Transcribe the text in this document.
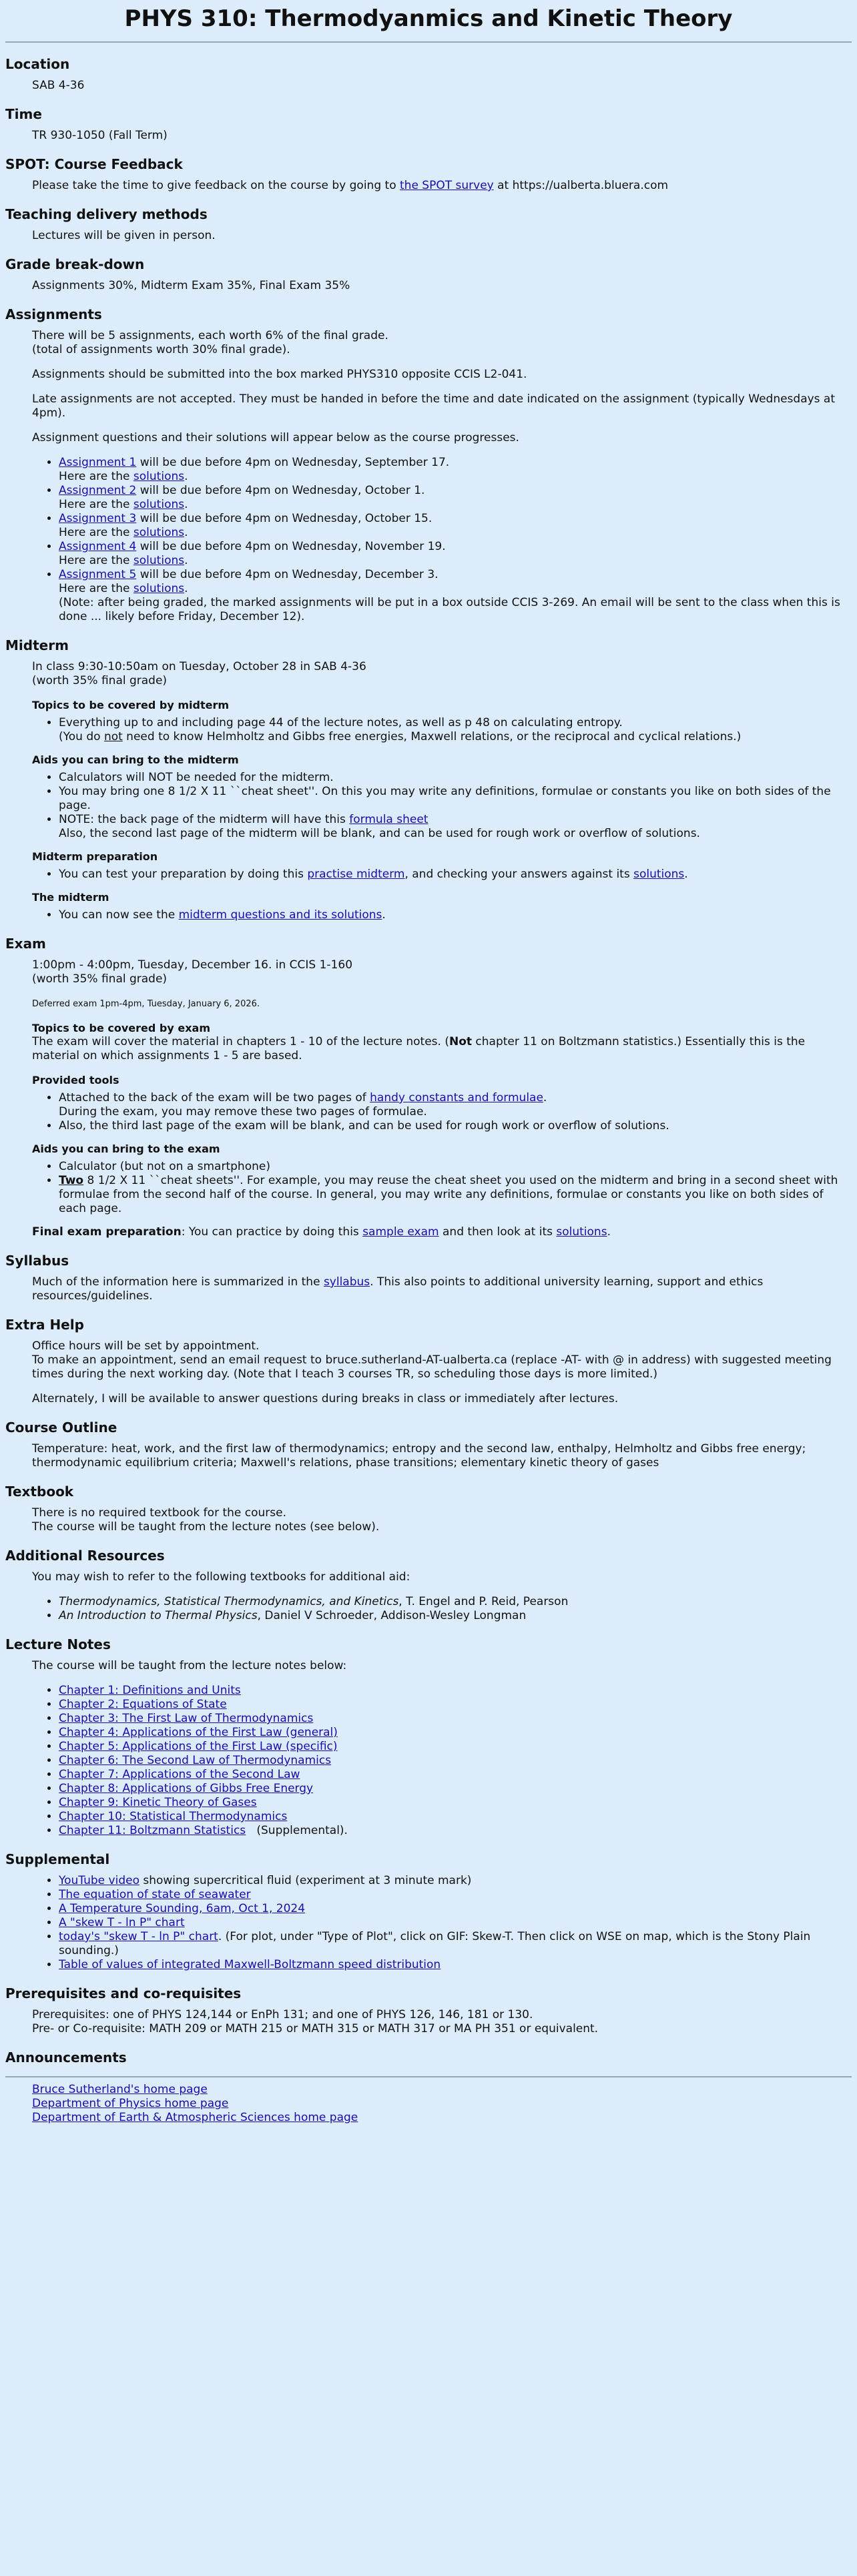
PHYS 310: Thermodyanmics and Kinetic Theory
Location

SAB 4-36

Time

TR 930-1050 (Fall Term)

SPOT: Course Feedback

Please take the time to give feedback on the course by going to the SPOT survey at https://ualberta.bluera.com

Teaching delivery methods

Lectures will be given in person.

Grade break-down

Assignments 30%, Midterm Exam 35%, Final Exam 35%

Assignments

There will be 5 assignments, each worth 6% of the final grade.
(total of assignments worth 30% final grade).

Assignments should be submitted into the box marked PHYS310 opposite CCIS L2-041.

Late assignments are not accepted. They must be handed in before the time and date indicated on the assignment (typically Wednesdays at 4pm).

Assignment questions and their solutions will appear below as the course progresses.

• Assignment 1 will be due before 4pm on Wednesday, September 17.
Here are the solutions.
• Assignment 2 will be due before 4pm on Wednesday, October 1.
Here are the solutions.
• Assignment 3 will be due before 4pm on Wednesday, October 15.
Here are the solutions.
• Assignment 4 will be due before 4pm on Wednesday, November 19.
Here are the solutions.
• Assignment 5 will be due before 4pm on Wednesday, December 3.
Here are the solutions.
(Note: after being graded, the marked assignments will be put in a box outside CCIS 3-269. An email will be sent to the class when this is done ... likely before Friday, December 12).
Midterm

In class 9:30-10:50am on Tuesday, October 28 in SAB 4-36
(worth 35% final grade)

Topics to be covered by midterm
• Everything up to and including page 44 of the lecture notes, as well as p 48 on calculating entropy.
(You do not need to know Helmholtz and Gibbs free energies, Maxwell relations, or the reciprocal and cyclical relations.)
Aids you can bring to the midterm
• Calculators will NOT be needed for the midterm.
• You may bring one 8 1/2 X 11 ``cheat sheet''. On this you may write any definitions, formulae or constants you like on both sides of the page.
• NOTE: the back page of the midterm will have this formula sheet
Also, the second last page of the midterm will be blank, and can be used for rough work or overflow of solutions.
Midterm preparation
• You can test your preparation by doing this practise midterm, and checking your answers against its solutions.
The midterm
• You can now see the midterm questions and its solutions.
Exam

1:00pm - 4:00pm, Tuesday, December 16. in CCIS 1-160
(worth 35% final grade)

Deferred exam 1pm-4pm, Tuesday, January 6, 2026.

Topics to be covered by exam

The exam will cover the material in chapters 1 - 10 of the lecture notes. (Not chapter 11 on Boltzmann statistics.) Essentially this is the material on which assignments 1 - 5 are based.

Provided tools
• Attached to the back of the exam will be two pages of handy constants and formulae.
During the exam, you may remove these two pages of formulae.
• Also, the third last page of the exam will be blank, and can be used for rough work or overflow of solutions.
Aids you can bring to the exam
• Calculator (but not on a smartphone)
• Two 8 1/2 X 11 ``cheat sheets''. For example, you may reuse the cheat sheet you used on the midterm and bring in a second sheet with formulae from the second half of the course. In general, you may write any definitions, formulae or constants you like on both sides of each page.

Final exam preparation: You can practice by doing this sample exam and then look at its solutions.

Syllabus

Much of the information here is summarized in the syllabus. This also points to additional university learning, support and ethics resources/guidelines.

Extra Help

Office hours will be set by appointment.
To make an appointment, send an email request to bruce.sutherland-AT-ualberta.ca (replace -AT- with @ in address) with suggested meeting times during the next working day. (Note that I teach 3 courses TR, so scheduling those days is more limited.)

Alternately, I will be available to answer questions during breaks in class or immediately after lectures.

Course Outline

Temperature: heat, work, and the first law of thermodynamics; entropy and the second law, enthalpy, Helmholtz and Gibbs free energy; thermodynamic equilibrium criteria; Maxwell's relations, phase transitions; elementary kinetic theory of gases

Textbook

There is no required textbook for the course.
The course will be taught from the lecture notes (see below).

Additional Resources

You may wish to refer to the following textbooks for additional aid:

• Thermodynamics, Statistical Thermodynamics, and Kinetics, T. Engel and P. Reid, Pearson
• An Introduction to Thermal Physics, Daniel V Schroeder, Addison-Wesley Longman
Lecture Notes

The course will be taught from the lecture notes below:

• Chapter 1: Definitions and Units
• Chapter 2: Equations of State
• Chapter 3: The First Law of Thermodynamics
• Chapter 4: Applications of the First Law (general)
• Chapter 5: Applications of the First Law (specific)
• Chapter 6: The Second Law of Thermodynamics
• Chapter 7: Applications of the Second Law
• Chapter 8: Applications of Gibbs Free Energy
• Chapter 9: Kinetic Theory of Gases
• Chapter 10: Statistical Thermodynamics
• Chapter 11: Boltzmann Statistics   (Supplemental).
Supplemental
• YouTube video showing supercritical fluid (experiment at 3 minute mark)
• The equation of state of seawater
• A Temperature Sounding, 6am, Oct 1, 2024
• A "skew T - ln P" chart
• today's "skew T - ln P" chart. (For plot, under "Type of Plot", click on GIF: Skew-T. Then click on WSE on map, which is the Stony Plain sounding.)
• Table of values of integrated Maxwell-Boltzmann speed distribution
Prerequisites and co-requisites

Prerequisites: one of PHYS 124,144 or EnPh 131; and one of PHYS 126, 146, 181 or 130.
Pre- or Co-requisite: MATH 209 or MATH 215 or MATH 315 or MATH 317 or MA PH 351 or equivalent.

Announcements
Bruce Sutherland's home page
Department of Physics home page
Department of Earth & Atmospheric Sciences home page
